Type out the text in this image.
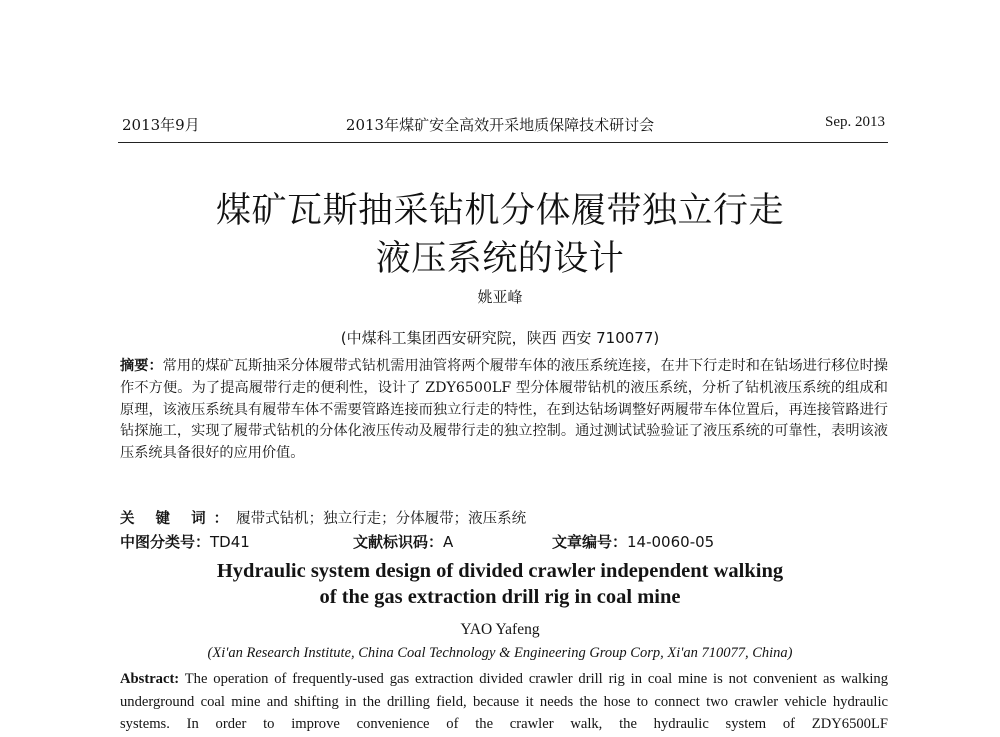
2013年9月	2013年煤矿安全高效开采地质保障技术研讨会	Sep. 2013
煤矿瓦斯抽采钻机分体履带独立行走
液压系统的设计
姚亚峰
(中煤科工集团西安研究院，陕西 西安 710077)
摘要：常用的煤矿瓦斯抽采分体履带式钻机需用油管将两个履带车体的液压系统连接，在井下行走时和在钻场进行移位时操作不方便。为了提高履带行走的便利性，设计了 ZDY6500LF 型分体履带钻机的液压系统，分析了钻机液压系统的组成和原理，该液压系统具有履带车体不需要管路连接而独立行走的特性，在到达钻场调整好两履带车体位置后，再连接管路进行钻探施工，实现了履带式钻机的分体化液压传动及履带行走的独立控制。通过测试试验验证了液压系统的可靠性，表明该液压系统具备很好的应用价值。
关 键 词：履带式钻机；独立行走；分体履带；液压系统
中图分类号：TD41	文献标识码：A	文章编号：14-0060-05
Hydraulic system design of divided crawler independent walking
of the gas extraction drill rig in coal mine
YAO Yafeng
(Xi'an Research Institute, China Coal Technology & Engineering Group Corp, Xi'an 710077, China)
Abstract: The operation of frequently-used gas extraction divided crawler drill rig in coal mine is not convenient as walking underground coal mine and shifting in the drilling field, because it needs the hose to connect two crawler vehicle hydraulic systems. In order to improve convenience of the crawler walk, the hydraulic system of ZDY6500LF
